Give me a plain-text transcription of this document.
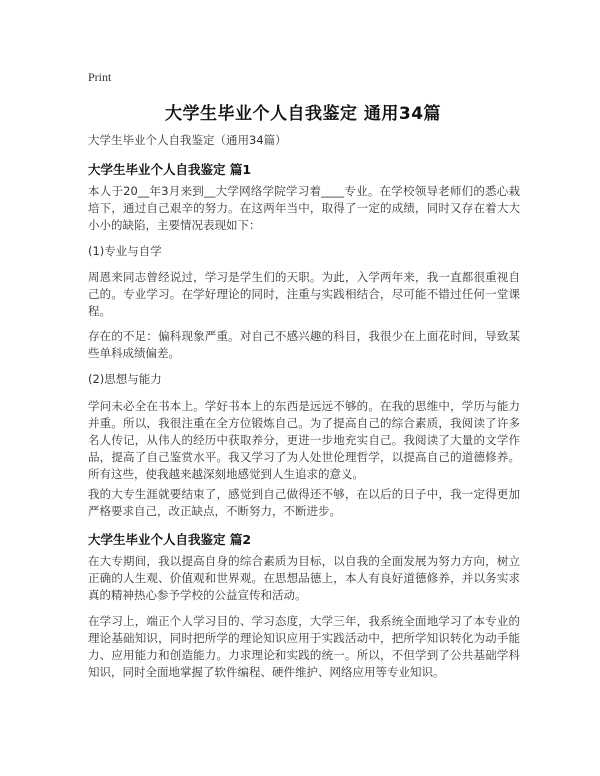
Print
大学生毕业个人自我鉴定 通用34篇
大学生毕业个人自我鉴定（通用34篇）
大学生毕业个人自我鉴定 篇1

本人于20__年3月来到__大学网络学院学习着____专业。在学校领导老师们的悉心栽培下，通过自己艰辛的努力。在这两年当中，取得了一定的成绩，同时又存在着大大小小的缺陷，主要情况表现如下：

(1)专业与自学

周恩来同志曾经说过，学习是学生们的天职。为此，入学两年来，我一直都很重视自己的。专业学习。在学好理论的同时，注重与实践相结合，尽可能不错过任何一堂课程。

存在的不足：偏科现象严重。对自己不感兴趣的科目，我很少在上面花时间，导致某些单科成绩偏差。

(2)思想与能力

学问未必全在书本上。学好书本上的东西是远远不够的。在我的思维中，学历与能力并重。所以，我很注重在全方位锻炼自己。为了提高自己的综合素质，我阅读了许多名人传记，从伟人的经历中获取养分，更进一步地充实自己。我阅读了大量的文学作品，提高了自己鉴赏水平。我又学习了为人处世伦理哲学，以提高自己的道德修养。所有这些，使我越来越深刻地感觉到人生追求的意义。

我的大专生涯就要结束了，感觉到自己做得还不够，在以后的日子中，我一定得更加严格要求自己，改正缺点，不断努力，不断进步。

大学生毕业个人自我鉴定 篇2

在大专期间，我以提高自身的综合素质为目标，以自我的全面发展为努力方向，树立正确的人生观、价值观和世界观。在思想品德上，本人有良好道德修养，并以务实求真的精神热心参予学校的公益宣传和活动。

在学习上，端正个人学习目的、学习态度，大学三年，我系统全面地学习了本专业的理论基础知识，同时把所学的理论知识应用于实践活动中，把所学知识转化为动手能力、应用能力和创造能力。力求理论和实践的统一。所以，不但学到了公共基础学科知识，同时全面地掌握了软件编程、硬件维护、网络应用等专业知识。
